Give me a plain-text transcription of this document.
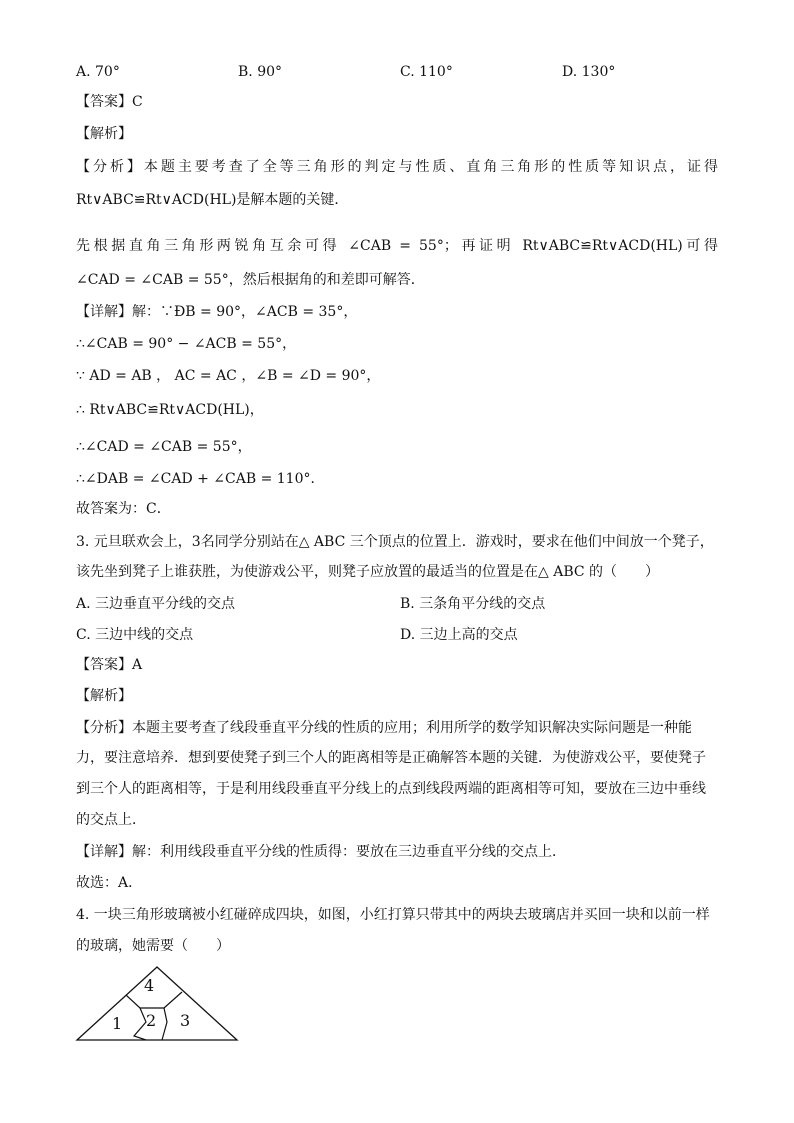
A. 70°	B. 90°	C. 110°	D. 130°
【答案】C
【解析】
【分析】本题主要考查了全等三角形的判定与性质、直角三角形的性质等知识点，证得
Rt∨ABC≌Rt∨ACD(HL)是解本题的关键．
先根据直角三角形两锐角互余可得 ∠CAB = 55°；再证明 Rt∨ABC≌Rt∨ACD(HL)可得
∠CAD = ∠CAB = 55°，然后根据角的和差即可解答．
【详解】解：∵ÐB = 90°，∠ACB = 35°，
∴∠CAB = 90° − ∠ACB = 55°，
∵ AD = AB ， AC = AC ，∠B = ∠D = 90°，
∴ Rt∨ABC≌Rt∨ACD(HL)，
∴∠CAD = ∠CAB = 55°，
∴∠DAB = ∠CAD + ∠CAB = 110°．
故答案为：C．
3. 元旦联欢会上，3名同学分别站在△ ABC 三个顶点的位置上．游戏时，要求在他们中间放一个凳子，
该先坐到凳子上谁获胜，为使游戏公平，则凳子应放置的最适当的位置是在△ ABC 的（　　）
A. 三边垂直平分线的交点	B. 三条角平分线的交点
C. 三边中线的交点	D. 三边上高的交点
【答案】A
【解析】
【分析】本题主要考查了线段垂直平分线的性质的应用；利用所学的数学知识解决实际问题是一种能
力，要注意培养．想到要使凳子到三个人的距离相等是正确解答本题的关键．为使游戏公平，要使凳子
到三个人的距离相等，于是利用线段垂直平分线上的点到线段两端的距离相等可知，要放在三边中垂线
的交点上．
【详解】解：利用线段垂直平分线的性质得：要放在三边垂直平分线的交点上．
故选：A．
4. 一块三角形玻璃被小红碰碎成四块，如图，小红打算只带其中的两块去玻璃店并买回一块和以前一样
的玻璃，她需要（　　）
4
1 2 3
